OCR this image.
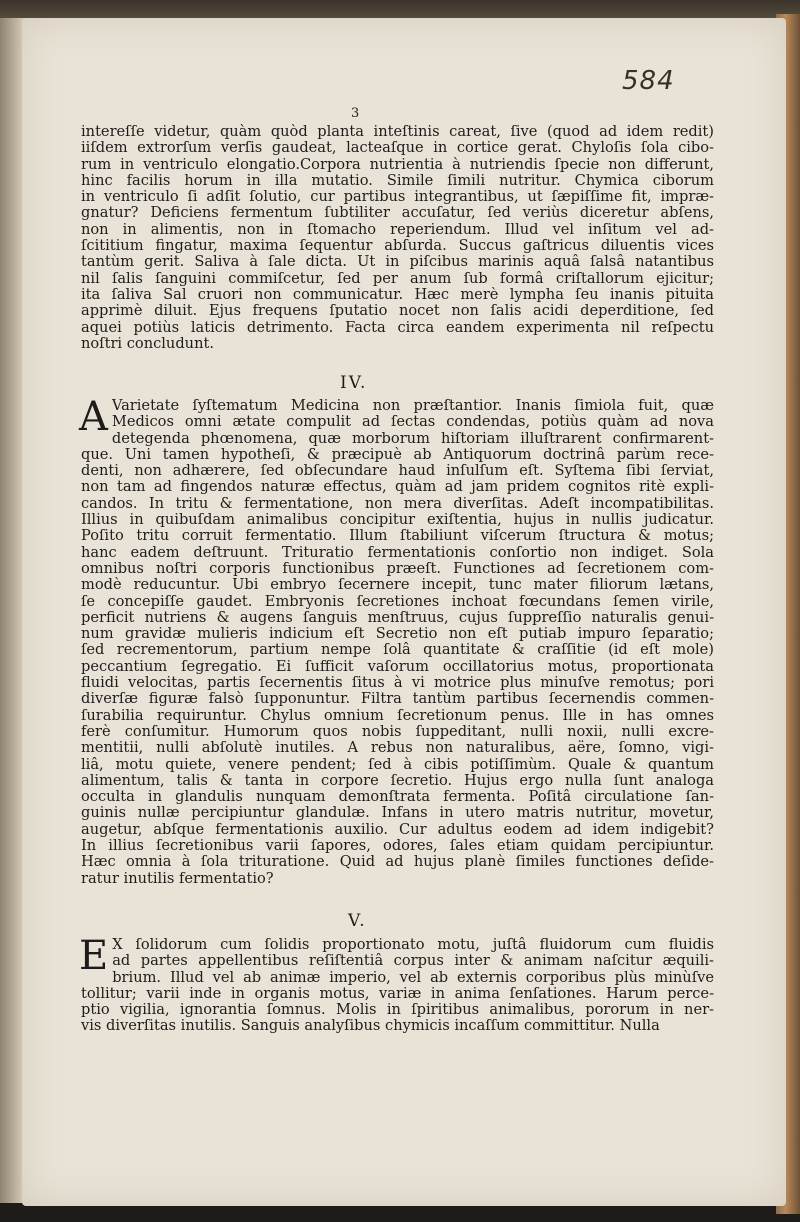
584
3
intereſſe videtur, quàm quòd planta inteſtinis careat, ſive (quod ad idem redit)
iiſdem extrorſum verſis gaudeat, lacteaſque in cortice gerat. Chyloſis ſola cibo-
rum in ventriculo elongatio.Corpora nutrientia à nutriendis ſpecie non differunt,
hinc facilis horum in illa mutatio. Simile ſimili nutritur. Chymica ciborum
in ventriculo ſi adſit ſolutio, cur partibus integrantibus, ut ſæpiſſime fit, impræ-
gnatur? Deficiens fermentum ſubtiliter accuſatur, ſed veriùs diceretur abſens,
non in alimentis, non in ſtomacho reperiendum. Illud vel inſitum vel ad-
ſcititium fingatur, maxima ſequentur abſurda. Succus gaſtricus diluentis vices
tantùm gerit. Saliva à ſale dicta. Ut in piſcibus marinis aquâ ſalsâ natantibus
nil ſalis ſanguini commiſcetur, ſed per anum ſub formâ criſtallorum ejicitur;
ita ſaliva Sal cruori non communicatur. Hæc merè lympha ſeu inanis pituita
apprimè diluit. Ejus frequens ſputatio nocet non ſalis acidi deperditione, ſed
aquei potiùs laticis detrimento. Facta circa eandem experimenta nil reſpectu
noſtri concludunt.
IV.
A Varietate ſyſtematum Medicina non præſtantior. Inanis ſimiola fuit, quæ
Medicos omni ætate compulit ad ſectas condendas, potiùs quàm ad nova
detegenda phœnomena, quæ morborum hiſtoriam illuſtrarent confirmarent-
que. Uni tamen hypotheſi, & præcipuè ab Antiquorum doctrinâ parùm rece-
denti, non adhærere, ſed obſecundare haud inſulſum eſt. Syſtema ſibi ſerviat,
non tam ad fingendos naturæ effectus, quàm ad jam pridem cognitos ritè expli-
candos. In tritu & fermentatione, non mera diverſitas. Adeſt incompatibilitas.
Illius in quibuſdam animalibus concipitur exiſtentia, hujus in nullis judicatur.
Poſito tritu corruit fermentatio. Illum ſtabiliunt viſcerum ſtructura & motus;
hanc eadem deſtruunt. Trituratio fermentationis conſortio non indiget. Sola
omnibus noſtri corporis functionibus præeſt. Functiones ad ſecretionem com-
modè reducuntur. Ubi embryo ſecernere incepit, tunc mater filiorum lætans,
ſe concepiſſe gaudet. Embryonis ſecretiones inchoat fœcundans ſemen virile,
perficit nutriens & augens ſanguis menſtruus, cujus ſuppreſſio naturalis genui-
num gravidæ mulieris indicium eſt Secretio non eſt putiab impuro ſeparatio;
ſed recrementorum, partium nempe ſolâ quantitate & craſſitie (id eſt mole)
peccantium ſegregatio. Ei ſufficit vaſorum occillatorius motus, proportionata
fluidi velocitas, partis ſecernentis ſitus à vi motrice plus minuſve remotus; pori
diverſæ figuræ falsò ſupponuntur. Filtra tantùm partibus ſecernendis commen-
ſurabilia requiruntur. Chylus omnium ſecretionum penus. Ille in has omnes
ferè conſumitur. Humorum quos nobis ſuppeditant, nulli noxii, nulli excre-
mentitii, nulli abſolutè inutiles. A rebus non naturalibus, aëre, ſomno, vigi-
liâ, motu quiete, venere pendent; ſed à cibis potiſſimùm. Quale & quantum
alimentum, talis & tanta in corpore ſecretio. Hujus ergo nulla ſunt analoga
occulta in glandulis nunquam demonſtrata fermenta. Poſitâ circulatione ſan-
guinis nullæ percipiuntur glandulæ. Infans in utero matris nutritur, movetur,
augetur, abſque fermentationis auxilio. Cur adultus eodem ad idem indigebit?
In illius ſecretionibus varii ſapores, odores, ſales etiam quidam percipiuntur.
Hæc omnia à ſola trituratione. Quid ad hujus planè ſimiles functiones deſide-
ratur inutilis fermentatio?
V.
E X ſolidorum cum ſolidis proportionato motu, juſtâ fluidorum cum fluidis
ad partes appellentibus reſiſtentiâ corpus inter & animam naſcitur æquili-
brium. Illud vel ab animæ imperio, vel ab externis corporibus plùs minùſve
tollitur; varii inde in organis motus, variæ in anima ſenſationes. Harum perce-
ptio vigilia, ignorantia ſomnus. Molis in ſpiritibus animalibus, pororum in ner-
vis diverſitas inutilis. Sanguis analyſibus chymicis incaſſum committitur. Nulla
